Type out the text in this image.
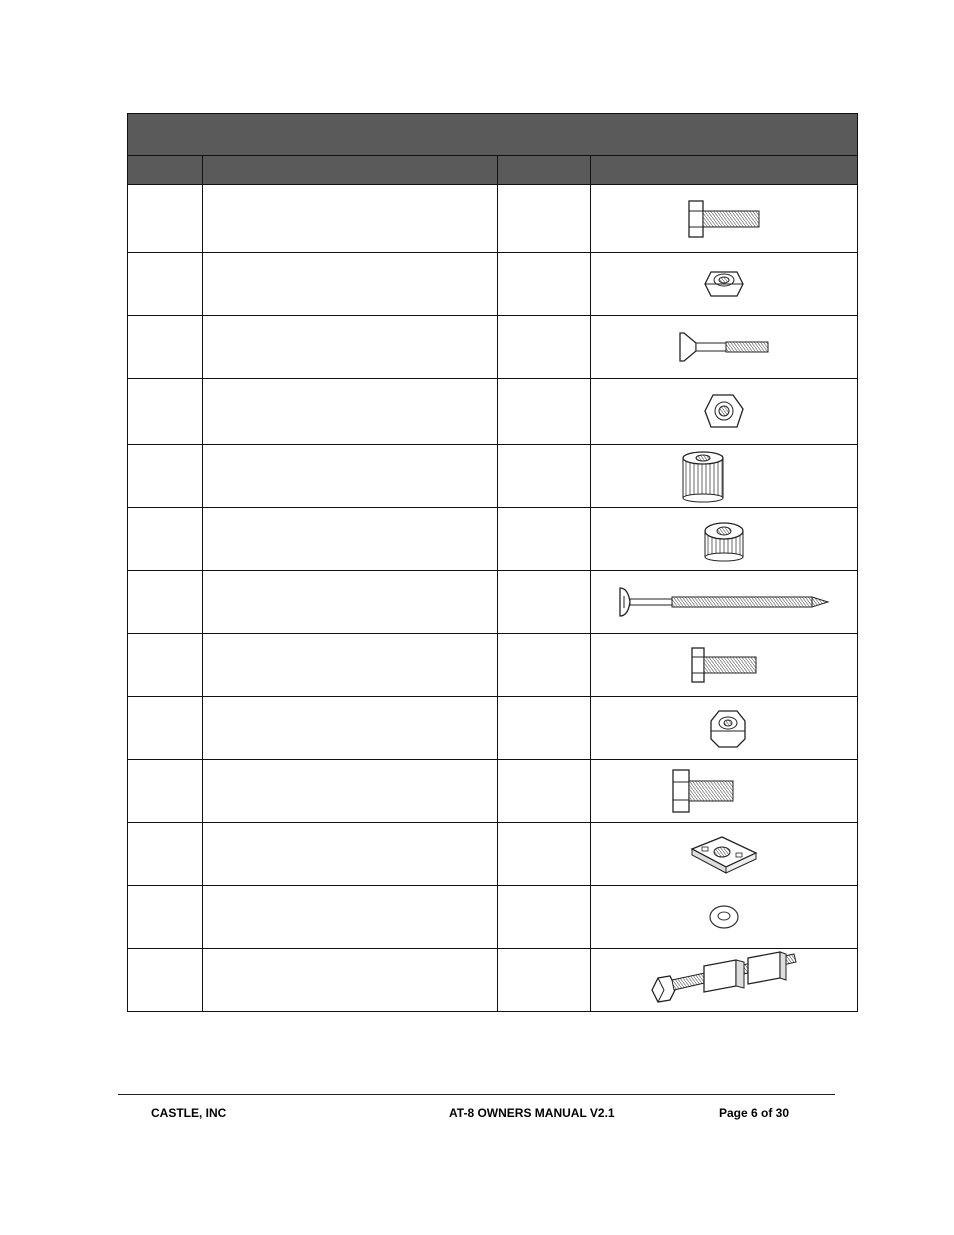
CASTLE, INC	AT-8 OWNERS MANUAL V2.1	Page 6 of 30
